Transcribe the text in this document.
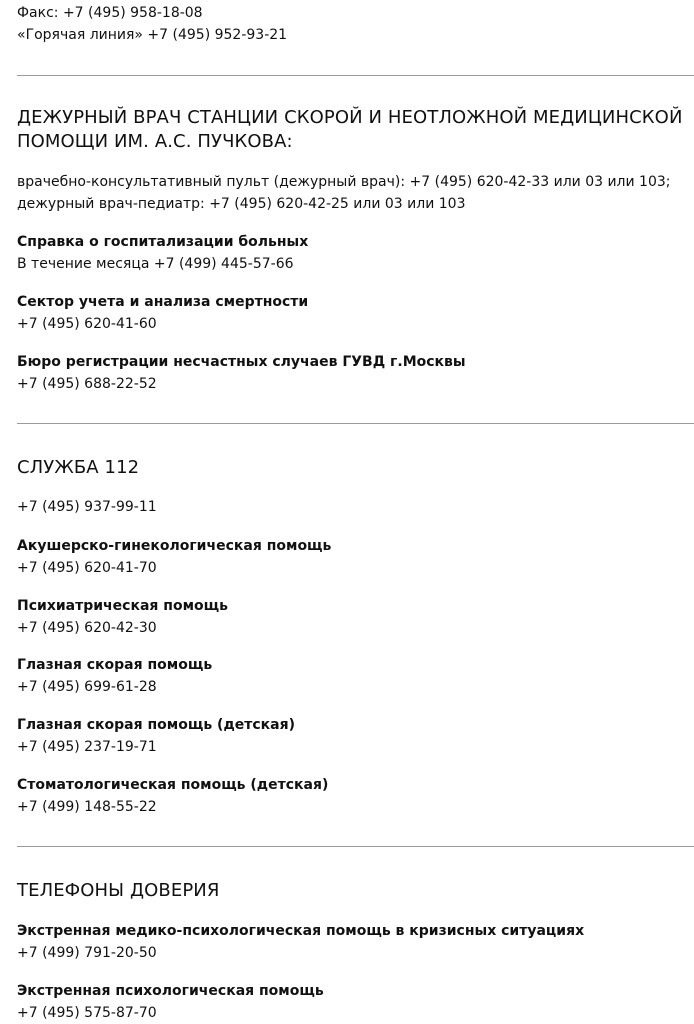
Факс: +7 (495) 958-18-08

«Горячая линия» +7 (495) 952-93-21

ДЕЖУРНЫЙ ВРАЧ СТАНЦИИ СКОРОЙ И НЕОТЛОЖНОЙ МЕДИЦИНСКОЙ
ПОМОЩИ ИМ. А.С. ПУЧКОВА:

врачебно-консультативный пульт (дежурный врач): +7 (495) 620-42-33 или 03 или 103;

дежурный врач-педиатр: +7 (495) 620-42-25 или 03 или 103

Справка о госпитализации больных

В течение месяца +7 (499) 445-57-66

Сектор учета и анализа смертности

+7 (495) 620-41-60

Бюро регистрации несчастных случаев ГУВД г.Москвы

+7 (495) 688-22-52

СЛУЖБА 112

+7 (495) 937-99-11

Акушерско-гинекологическая помощь

+7 (495) 620-41-70

Психиатрическая помощь

+7 (495) 620-42-30

Глазная скорая помощь

+7 (495) 699-61-28

Глазная скорая помощь (детская)

+7 (495) 237-19-71

Стоматологическая помощь (детская)

+7 (499) 148-55-22

ТЕЛЕФОНЫ ДОВЕРИЯ

Экстренная медико-психологическая помощь в кризисных ситуациях

+7 (499) 791-20-50

Экстренная психологическая помощь

+7 (495) 575-87-70
